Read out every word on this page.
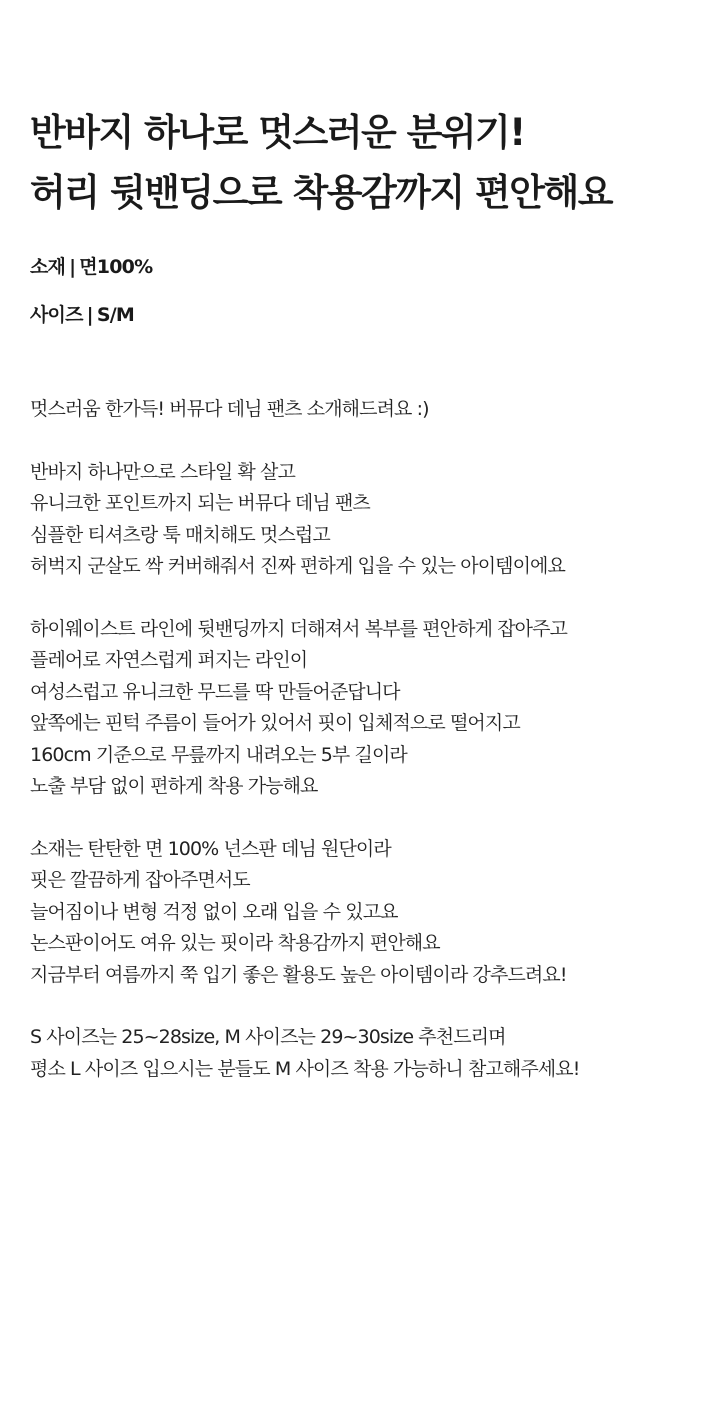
반바지 하나로 멋스러운 분위기!
허리 뒷밴딩으로 착용감까지 편안해요
소재 | 면100%
사이즈 | S/M

멋스러움 한가득! 버뮤다 데님 팬츠 소개해드려요 :)

반바지 하나만으로 스타일 확 살고
유니크한 포인트까지 되는 버뮤다 데님 팬츠
심플한 티셔츠랑 툭 매치해도 멋스럽고
허벅지 군살도 싹 커버해줘서 진짜 편하게 입을 수 있는 아이템이에요

하이웨이스트 라인에 뒷밴딩까지 더해져서 복부를 편안하게 잡아주고
플레어로 자연스럽게 퍼지는 라인이
여성스럽고 유니크한 무드를 딱 만들어준답니다
앞쪽에는 핀턱 주름이 들어가 있어서 핏이 입체적으로 떨어지고
160cm 기준으로 무릎까지 내려오는 5부 길이라
노출 부담 없이 편하게 착용 가능해요

소재는 탄탄한 면 100% 넌스판 데님 원단이라
핏은 깔끔하게 잡아주면서도
늘어짐이나 변형 걱정 없이 오래 입을 수 있고요
논스판이어도 여유 있는 핏이라 착용감까지 편안해요
지금부터 여름까지 쭉 입기 좋은 활용도 높은 아이템이라 강추드려요!

S 사이즈는 25~28size, M 사이즈는 29~30size 추천드리며
평소 L 사이즈 입으시는 분들도 M 사이즈 착용 가능하니 참고해주세요!
